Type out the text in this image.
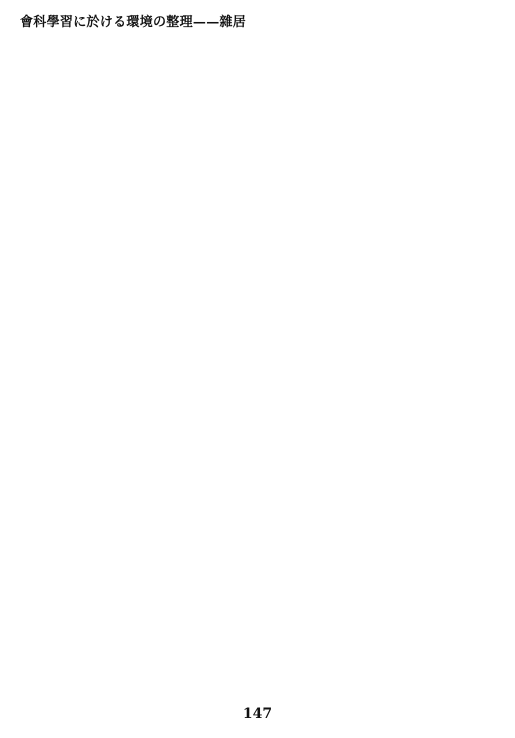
會科學習に於ける環境の整理——雜居
147
